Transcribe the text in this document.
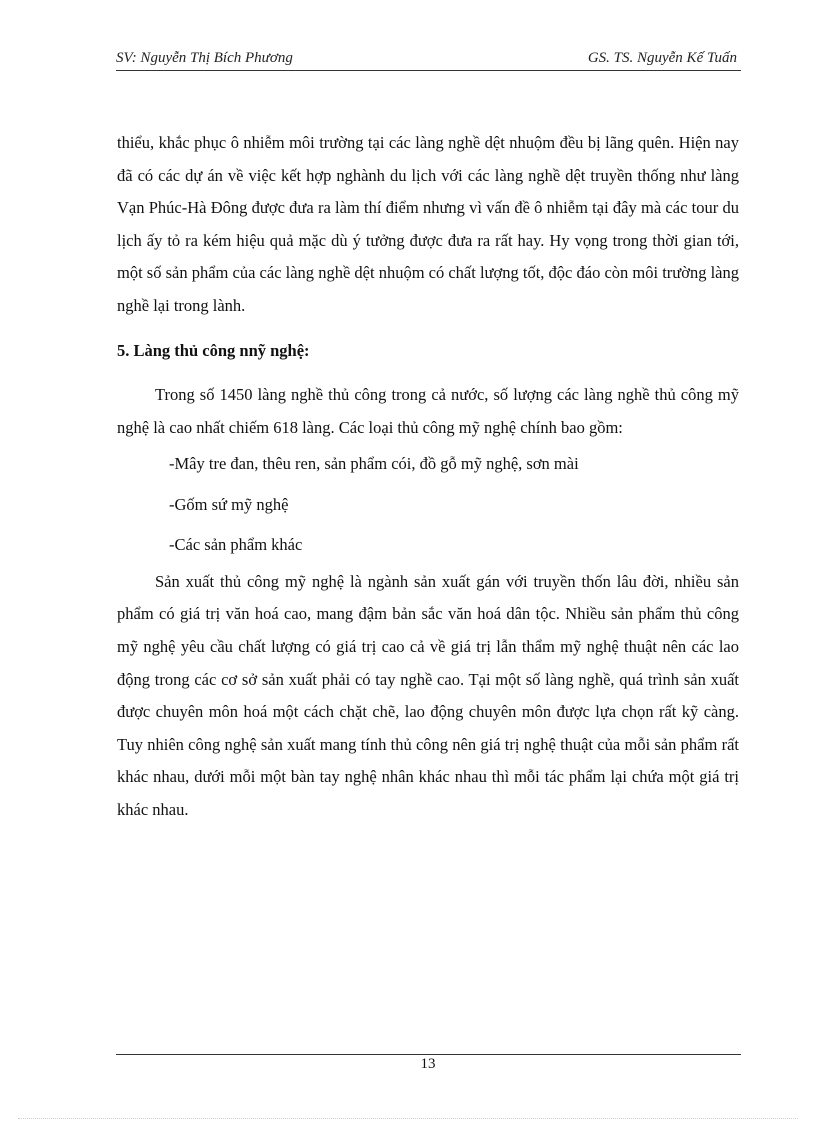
SV: Nguyễn Thị Bích Phương	GS. TS. Nguyễn Kế Tuấn

thiểu, khắc phục ô nhiễm môi trường tại các làng nghề dệt nhuộm đều bị lãng quên. Hiện nay đã có các dự án về việc kết hợp nghành du lịch với các làng nghề dệt truyền thống như làng Vạn Phúc-Hà Đông được đưa ra làm thí điểm nhưng vì vấn đề ô nhiễm tại đây mà các tour du lịch ấy tỏ ra kém hiệu quả mặc dù ý tưởng được đưa ra rất hay. Hy vọng trong thời gian tới, một số sản phẩm của các làng nghề dệt nhuộm có chất lượng tốt, độc đáo còn môi trường làng nghề lại trong lành.

5. Làng thủ công nnỹ nghệ:

Trong số 1450 làng nghề thủ công trong cả nước, số lượng các làng nghề thủ công mỹ nghệ là cao nhất chiếm 618 làng. Các loại thủ công mỹ nghệ chính bao gồm:

-Mây tre đan, thêu ren, sản phẩm cói, đồ gỗ mỹ nghệ, sơn mài

-Gốm sứ mỹ nghệ

-Các sản phẩm khác

Sản xuất thủ công mỹ nghệ là ngành sản xuất gán với truyền thốn lâu đời, nhiều sản phẩm có giá trị văn hoá cao, mang đậm bản sắc văn hoá dân tộc. Nhiều sản phẩm thủ công mỹ nghệ yêu cầu chất lượng có giá trị cao cả về giá trị lẫn thẩm mỹ nghệ thuật nên các lao động trong các cơ sở sản xuất phải có tay nghề cao. Tại một số làng nghề, quá trình sản xuất được chuyên môn hoá một cách chặt chẽ, lao động chuyên môn được lựa chọn rất kỹ càng. Tuy nhiên công nghệ sản xuất mang tính thủ công nên giá trị nghệ thuật của mỗi sản phẩm rất khác nhau, dưới mỗi một bàn tay nghệ nhân khác nhau thì mỗi tác phẩm lại chứa một giá trị khác nhau.

13
